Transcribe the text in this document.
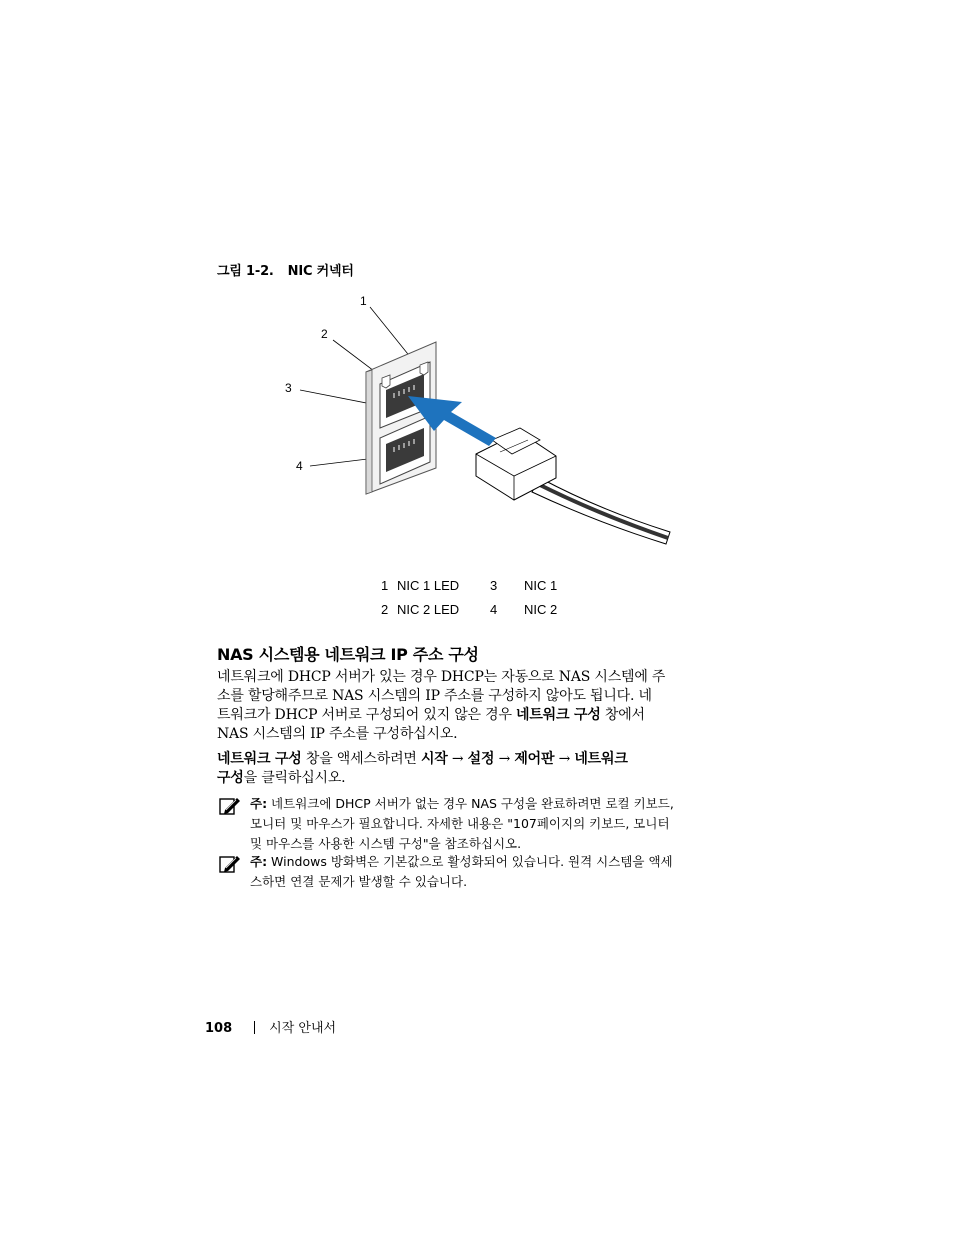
그림 1-2. NIC 커넥터
1
2
3
4
1 NIC 1 LED 3 NIC 1
2 NIC 2 LED 4 NIC 2
NAS 시스템용 네트워크 IP 주소 구성
네트워크에 DHCP 서버가 있는 경우 DHCP는 자동으로 NAS 시스템에 주
소를 할당해주므로 NAS 시스템의 IP 주소를 구성하지 않아도 됩니다. 네
트워크가 DHCP 서버로 구성되어 있지 않은 경우 네트워크 구성 창에서
NAS 시스템의 IP 주소를 구성하십시오.
네트워크 구성 창을 액세스하려면 시작 → 설정 → 제어판 → 네트워크
구성을 클릭하십시오.
주: 네트워크에 DHCP 서버가 없는 경우 NAS 구성을 완료하려면 로컬 키보드,
모니터 및 마우스가 필요합니다. 자세한 내용은 "107페이지의 키보드, 모니터
및 마우스를 사용한 시스템 구성"을 참조하십시오.
주: Windows 방화벽은 기본값으로 활성화되어 있습니다. 원격 시스템을 액세
스하면 연결 문제가 발생할 수 있습니다.
108	시작 안내서
